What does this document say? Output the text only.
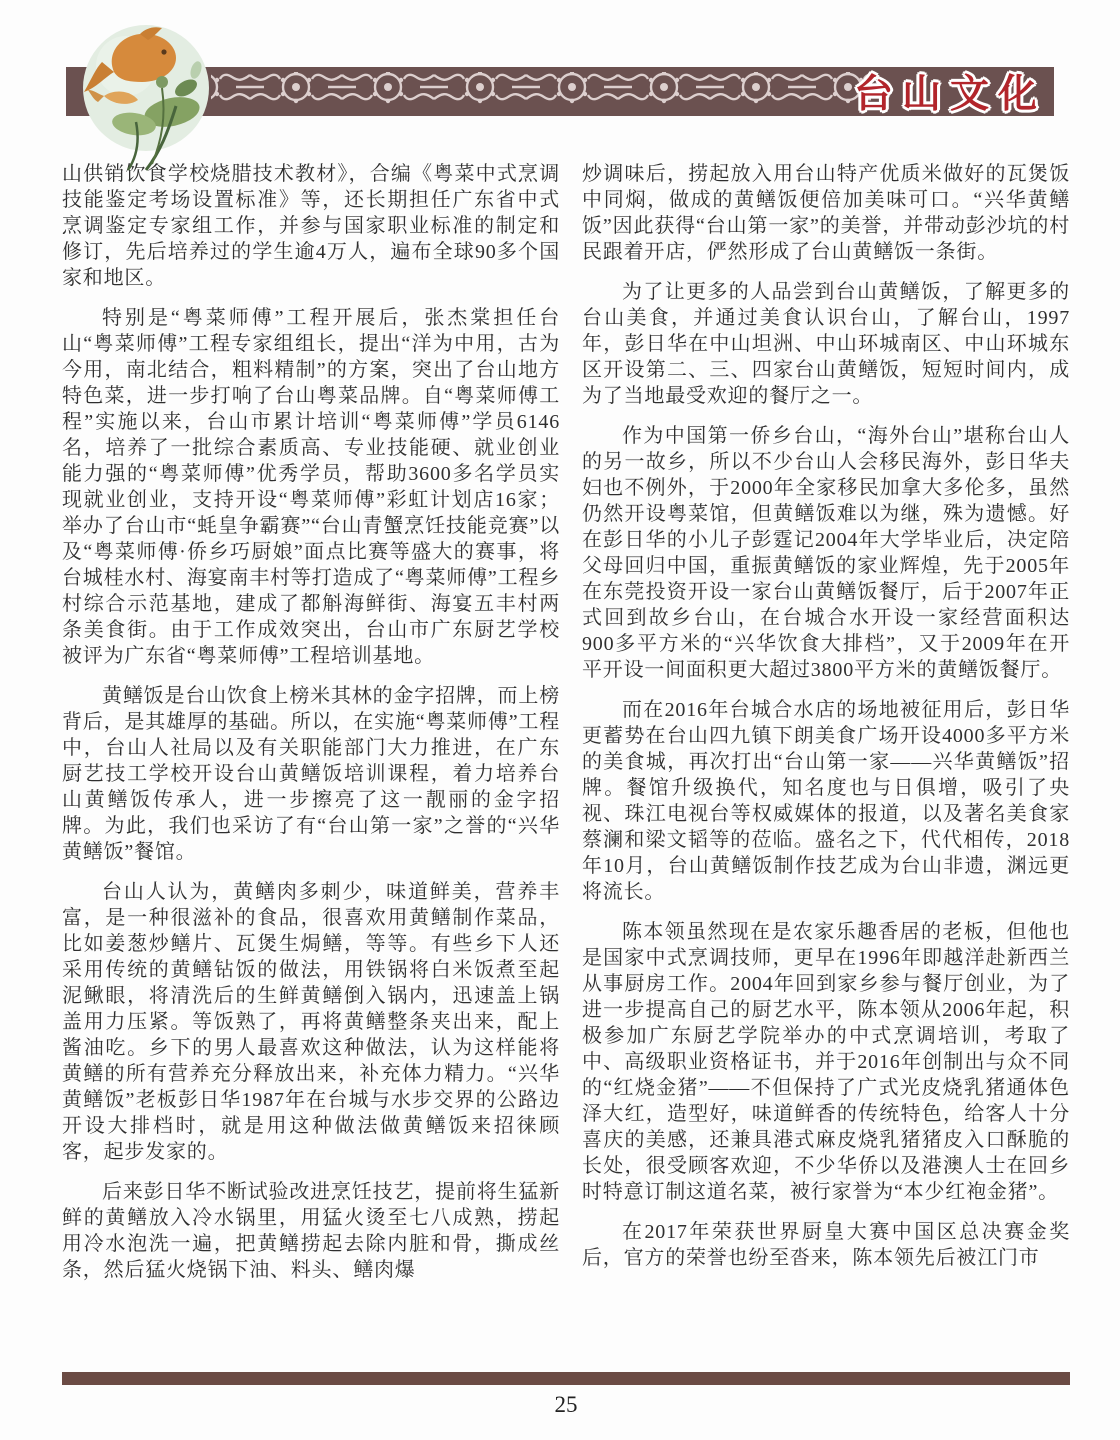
台山文化

山供销饮食学校烧腊技术教材》，合编《粤菜中式烹调技能鉴定考场设置标准》等，还长期担任广东省中式烹调鉴定专家组工作，并参与国家职业标准的制定和修订，先后培养过的学生逾4万人，遍布全球90多个国家和地区。

特别是“粤菜师傅”工程开展后，张杰棠担任台山“粤菜师傅”工程专家组组长，提出“洋为中用，古为今用，南北结合，粗料精制”的方案，突出了台山地方特色菜，进一步打响了台山粤菜品牌。自“粤菜师傅工程”实施以来，台山市累计培训“粤菜师傅”学员6146名，培养了一批综合素质高、专业技能硬、就业创业能力强的“粤菜师傅”优秀学员，帮助3600多名学员实现就业创业，支持开设“粤菜师傅”彩虹计划店16家；举办了台山市“蚝皇争霸赛”“台山青蟹烹饪技能竞赛”以及“粤菜师傅·侨乡巧厨娘”面点比赛等盛大的赛事，将台城桂水村、海宴南丰村等打造成了“粤菜师傅”工程乡村综合示范基地，建成了都斛海鲜街、海宴五丰村两条美食街。由于工作成效突出，台山市广东厨艺学校被评为广东省“粤菜师傅”工程培训基地。

黄鳝饭是台山饮食上榜米其林的金字招牌，而上榜背后，是其雄厚的基础。所以，在实施“粤菜师傅”工程中，台山人社局以及有关职能部门大力推进，在广东厨艺技工学校开设台山黄鳝饭培训课程，着力培养台山黄鳝饭传承人，进一步擦亮了这一靓丽的金字招牌。为此，我们也采访了有“台山第一家”之誉的“兴华黄鳝饭”餐馆。

台山人认为，黄鳝肉多刺少，味道鲜美，营养丰富，是一种很滋补的食品，很喜欢用黄鳝制作菜品，比如姜葱炒鳝片、瓦煲生焗鳝，等等。有些乡下人还采用传统的黄鳝钻饭的做法，用铁锅将白米饭煮至起泥鳅眼，将清洗后的生鲜黄鳝倒入锅内，迅速盖上锅盖用力压紧。等饭熟了，再将黄鳝整条夹出来，配上酱油吃。乡下的男人最喜欢这种做法，认为这样能将黄鳝的所有营养充分释放出来，补充体力精力。“兴华黄鳝饭”老板彭日华1987年在台城与水步交界的公路边开设大排档时，就是用这种做法做黄鳝饭来招徕顾客，起步发家的。

后来彭日华不断试验改进烹饪技艺，提前将生猛新鲜的黄鳝放入冷水锅里，用猛火烫至七八成熟，捞起用冷水泡洗一遍，把黄鳝捞起去除内脏和骨，撕成丝条，然后猛火烧锅下油、料头、鳝肉爆

炒调味后，捞起放入用台山特产优质米做好的瓦煲饭中同焖，做成的黄鳝饭便倍加美味可口。“兴华黄鳝饭”因此获得“台山第一家”的美誉，并带动彭沙坑的村民跟着开店，俨然形成了台山黄鳝饭一条街。

为了让更多的人品尝到台山黄鳝饭，了解更多的台山美食，并通过美食认识台山，了解台山，1997年，彭日华在中山坦洲、中山环城南区、中山环城东区开设第二、三、四家台山黄鳝饭，短短时间内，成为了当地最受欢迎的餐厅之一。

作为中国第一侨乡台山，“海外台山”堪称台山人的另一故乡，所以不少台山人会移民海外，彭日华夫妇也不例外，于2000年全家移民加拿大多伦多，虽然仍然开设粤菜馆，但黄鳝饭难以为继，殊为遗憾。好在彭日华的小儿子彭霆记2004年大学毕业后，决定陪父母回归中国，重振黄鳝饭的家业辉煌，先于2005年在东莞投资开设一家台山黄鳝饭餐厅，后于2007年正式回到故乡台山，在台城合水开设一家经营面积达900多平方米的“兴华饮食大排档”，又于2009年在开平开设一间面积更大超过3800平方米的黄鳝饭餐厅。

而在2016年台城合水店的场地被征用后，彭日华更蓄势在台山四九镇下朗美食广场开设4000多平方米的美食城，再次打出“台山第一家——兴华黄鳝饭”招牌。餐馆升级换代，知名度也与日俱增，吸引了央视、珠江电视台等权威媒体的报道，以及著名美食家蔡澜和梁文韬等的莅临。盛名之下，代代相传，2018年10月，台山黄鳝饭制作技艺成为台山非遗，渊远更将流长。

陈本领虽然现在是农家乐趣香居的老板，但他也是国家中式烹调技师，更早在1996年即越洋赴新西兰从事厨房工作。2004年回到家乡参与餐厅创业，为了进一步提高自己的厨艺水平，陈本领从2006年起，积极参加广东厨艺学院举办的中式烹调培训，考取了中、高级职业资格证书，并于2016年创制出与众不同的“红烧金猪”——不但保持了广式光皮烧乳猪通体色泽大红，造型好，味道鲜香的传统特色，给客人十分喜庆的美感，还兼具港式麻皮烧乳猪猪皮入口酥脆的长处，很受顾客欢迎，不少华侨以及港澳人士在回乡时特意订制这道名菜，被行家誉为“本少红袍金猪”。

在2017年荣获世界厨皇大赛中国区总决赛金奖后，官方的荣誉也纷至沓来，陈本领先后被江门市

25
